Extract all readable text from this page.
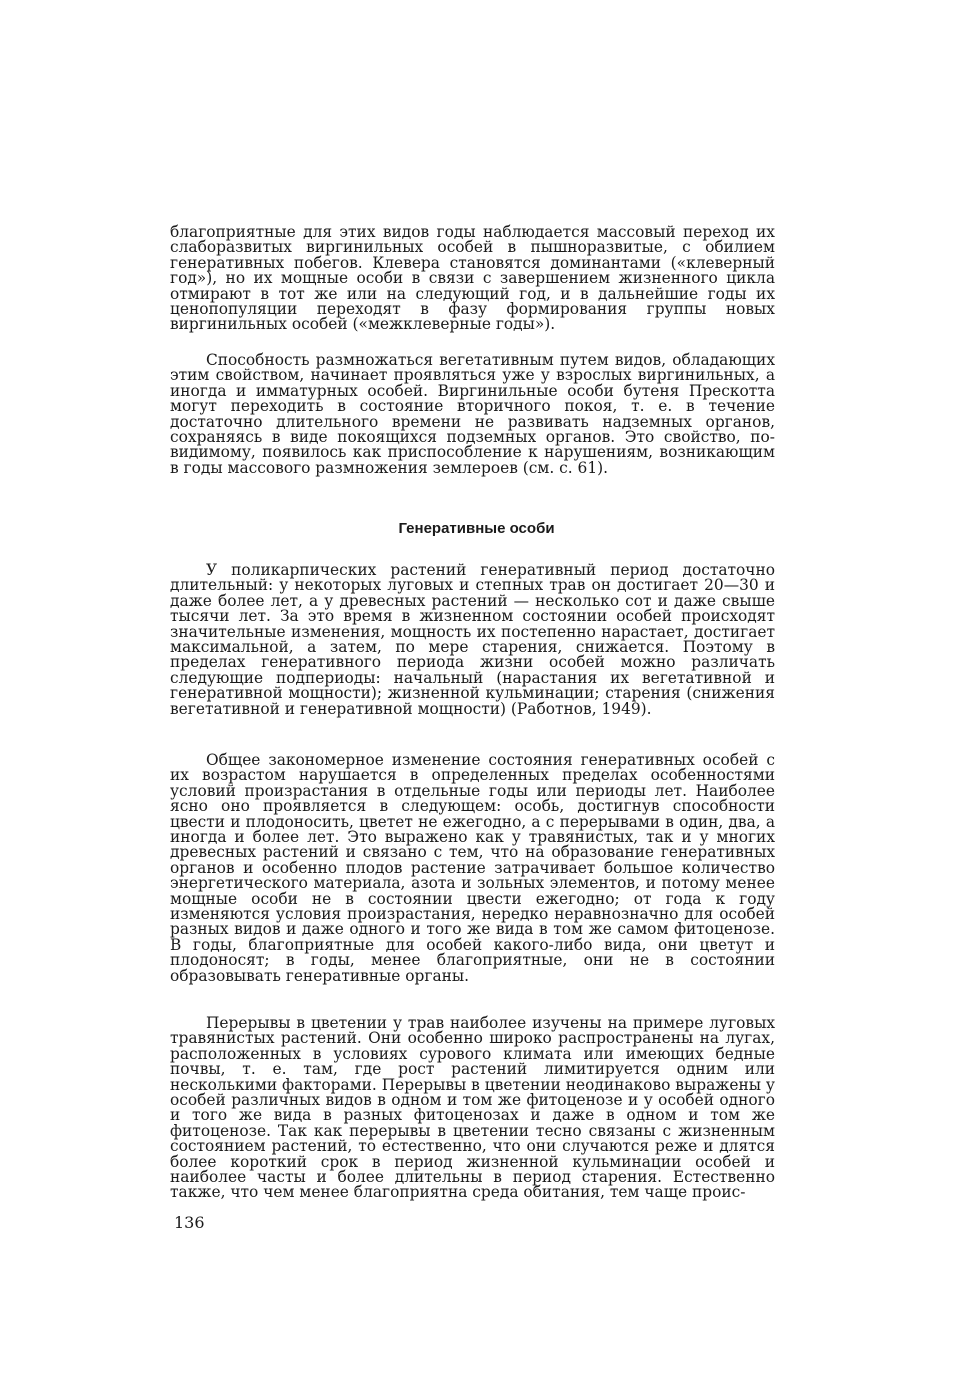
благоприятные для этих видов годы наблюдается массовый переход их слаборазвитых виргинильных особей в пышноразвитые, с обилием генеративных побегов. Клевера становятся доминантами («клеверный год»), но их мощные особи в связи с завершением жизненного цикла отмирают в тот же или на следующий год, и в дальнейшие годы их ценопопуляции переходят в фазу формирования группы новых виргинильных особей («межклеверные годы»).

Способность размножаться вегетативным путем видов, обладающих этим свойством, начинает проявляться уже у взрослых виргинильных, а иногда и имматурных особей. Виргинильные особи бутеня Прескотта могут переходить в состояние вторичного покоя, т. е. в течение достаточно длительного времени не развивать надземных органов, сохраняясь в виде покоящихся подземных органов. Это свойство, по-видимому, появилось как приспособление к нарушениям, возникающим в годы массового размножения землероев (см. с. 61).

Генеративные особи

У поликарпических растений генеративный период достаточно длительный: у некоторых луговых и степных трав он достигает 20—30 и даже более лет, а у древесных растений — несколько сот и даже свыше тысячи лет. За это время в жизненном состоянии особей происходят значительные изменения, мощность их постепенно нарастает, достигает максимальной, а затем, по мере старения, снижается. Поэтому в пределах генеративного периода жизни особей можно различать следующие подпериоды: начальный (нарастания их вегетативной и генеративной мощности); жизненной кульминации; старения (снижения вегетативной и генеративной мощности) (Работнов, 1949).

Общее закономерное изменение состояния генеративных особей с их возрастом нарушается в определенных пределах особенностями условий произрастания в отдельные годы или периоды лет. Наиболее ясно оно проявляется в следующем: особь, достигнув способности цвести и плодоносить, цветет не ежегодно, а с перерывами в один, два, а иногда и более лет. Это выражено как у травянистых, так и у многих древесных растений и связано с тем, что на образование генеративных органов и особенно плодов растение затрачивает большое количество энергетического материала, азота и зольных элементов, и потому менее мощные особи не в состоянии цвести ежегодно; от года к году изменяются условия произрастания, нередко неравнозначно для особей разных видов и даже одного и того же вида в том же самом фитоценозе. В годы, благоприятные для особей какого-либо вида, они цветут и плодоносят; в годы, менее благоприятные, они не в состоянии образовывать генеративные органы.

Перерывы в цветении у трав наиболее изучены на примере луговых травянистых растений. Они особенно широко распространены на лугах, расположенных в условиях сурового климата или имеющих бедные почвы, т. е. там, где рост растений лимитируется одним или несколькими факторами. Перерывы в цветении неодинаково выражены у особей различных видов в одном и том же фитоценозе и у особей одного и того же вида в разных фитоценозах и даже в одном и том же фитоценозе. Так как перерывы в цветении тесно связаны с жизненным состоянием растений, то естественно, что они случаются реже и длятся более короткий срок в период жизненной кульминации особей и наиболее часты и более длительны в период старения. Естественно также, что чем менее благоприятна среда обитания, тем чаще проис-

136
